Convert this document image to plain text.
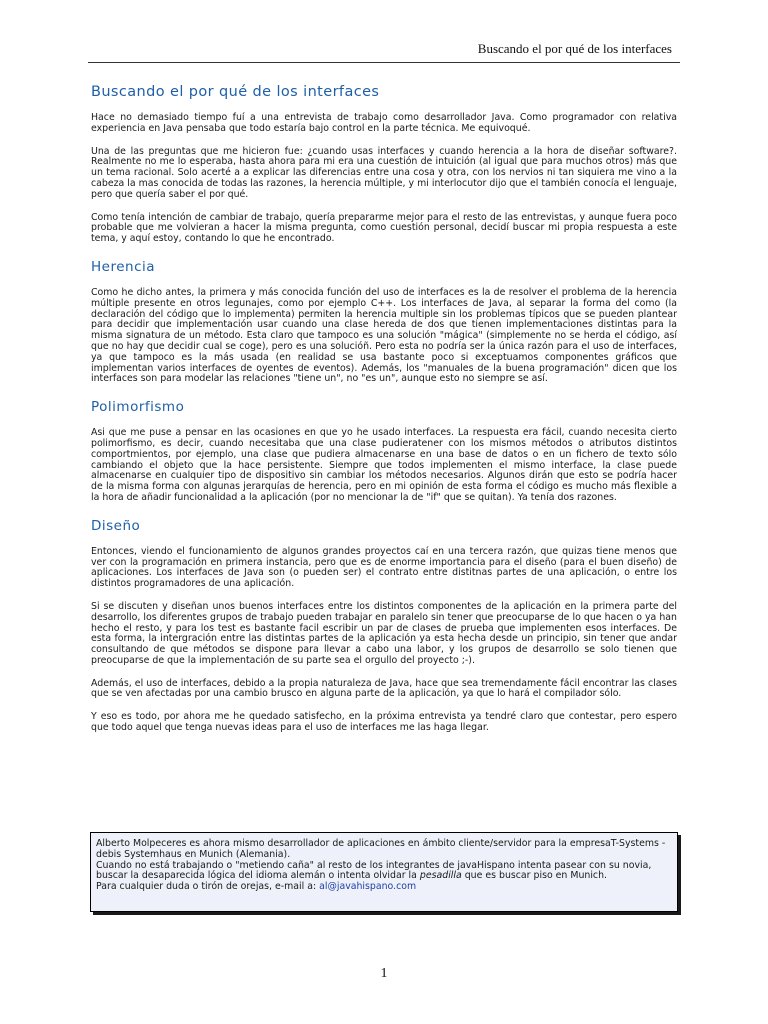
Buscando el por qué de los interfaces
Buscando el por qué de los interfaces

Hace no demasiado tiempo fuí a una entrevista de trabajo como desarrollador Java. Como programador con relativa experiencia en Java pensaba que todo estaría bajo control en la parte técnica. Me equivoqué.

Una de las preguntas que me hicieron fue: ¿cuando usas interfaces y cuando herencia a la hora de diseñar software?. Realmente no me lo esperaba, hasta ahora para mi era una cuestión de intuición (al igual que para muchos otros) más que un tema racional. Solo acerté a a explicar las diferencias entre una cosa y otra, con los nervios ni tan siquiera me vino a la cabeza la mas conocida de todas las razones, la herencia múltiple, y mi interlocutor dijo que el también conocía el lenguaje, pero que quería saber el por qué.

Como tenía intención de cambiar de trabajo, quería prepararme mejor para el resto de las entrevistas, y aunque fuera poco probable que me volvieran a hacer la misma pregunta, como cuestión personal, decidí buscar mi propia respuesta a este tema, y aquí estoy, contando lo que he encontrado.

Herencia

Como he dicho antes, la primera y más conocida función del uso de interfaces es la de resolver el problema de la herencia múltiple presente en otros legunajes, como por ejemplo C++. Los interfaces de Java, al separar la forma del como (la declaración del código que lo implementa) permiten la herencia multiple sin los problemas típicos que se pueden plantear para decidir que implementación usar cuando una clase hereda de dos que tienen implementaciones distintas para la misma signatura de un método. Esta claro que tampoco es una solución "mágica" (simplemente no se herda el código, así que no hay que decidir cual se coge), pero es una solucióñ. Pero esta no podría ser la única razón para el uso de interfaces, ya que tampoco es la más usada (en realidad se usa bastante poco si exceptuamos componentes gráficos que implementan varios interfaces de oyentes de eventos). Además, los "manuales de la buena programación" dicen que los interfaces son para modelar las relaciones "tiene un", no "es un", aunque esto no siempre se así.

Polimorfismo

Asi que me puse a pensar en las ocasiones en que yo he usado interfaces. La respuesta era fácil, cuando necesita cierto polimorfismo, es decir, cuando necesitaba que una clase pudieratener con los mismos métodos o atributos distintos comportmientos, por ejemplo, una clase que pudiera almacenarse en una base de datos o en un fichero de texto sólo cambiando el objeto que la hace persistente. Siempre que todos implementen el mismo interface, la clase puede almacenarse en cualquier tipo de dispositivo sin cambiar los métodos necesarios. Algunos dirán que esto se podría hacer de la misma forma con algunas jerarquías de herencia, pero en mi opinión de esta forma el código es mucho más flexible a la hora de añadir funcionalidad a la aplicación (por no mencionar la de "if" que se quitan). Ya tenía dos razones.

Diseño

Entonces, viendo el funcionamiento de algunos grandes proyectos caí en una tercera razón, que quizas tiene menos que ver con la programación en primera instancia, pero que es de enorme importancia para el diseño (para el buen diseño) de aplicaciones. Los interfaces de Java son (o pueden ser) el contrato entre distitnas partes de una aplicación, o entre los distintos programadores de una aplicación.

Si se discuten y diseñan unos buenos interfaces entre los distintos componentes de la aplicación en la primera parte del desarrollo, los diferentes grupos de trabajo pueden trabajar en paralelo sin tener que preocuparse de lo que hacen o ya han hecho el resto, y para los test es bastante facil escribir un par de clases de prueba que implementen esos interfaces. De esta forma, la intergración entre las distintas partes de la aplicación ya esta hecha desde un principio, sin tener que andar consultando de que métodos se dispone para llevar a cabo una labor, y los grupos de desarrollo se solo tienen que preocuparse de que la implementación de su parte sea el orgullo del proyecto ;-).

Además, el uso de interfaces, debido a la propia naturaleza de Java, hace que sea tremendamente fácil encontrar las clases que se ven afectadas por una cambio brusco en alguna parte de la aplicación, ya que lo hará el compilador sólo.

Y eso es todo, por ahora me he quedado satisfecho, en la próxima entrevista ya tendré claro que contestar, pero espero que todo aquel que tenga nuevas ideas para el uso de interfaces me las haga llegar.

Alberto Molpeceres es ahora mismo desarrollador de aplicaciones en ámbito cliente/servidor para la empresaT-Systems - debis Systemhaus en Munich (Alemania).

Cuando no está trabajando o "metiendo caña" al resto de los integrantes de javaHispano intenta pasear con su novia, buscar la desaparecida lógica del idioma alemán o intenta olvidar la pesadilla que es buscar piso en Munich.

Para cualquier duda o tirón de orejas, e-mail a: al@javahispano.com

1
